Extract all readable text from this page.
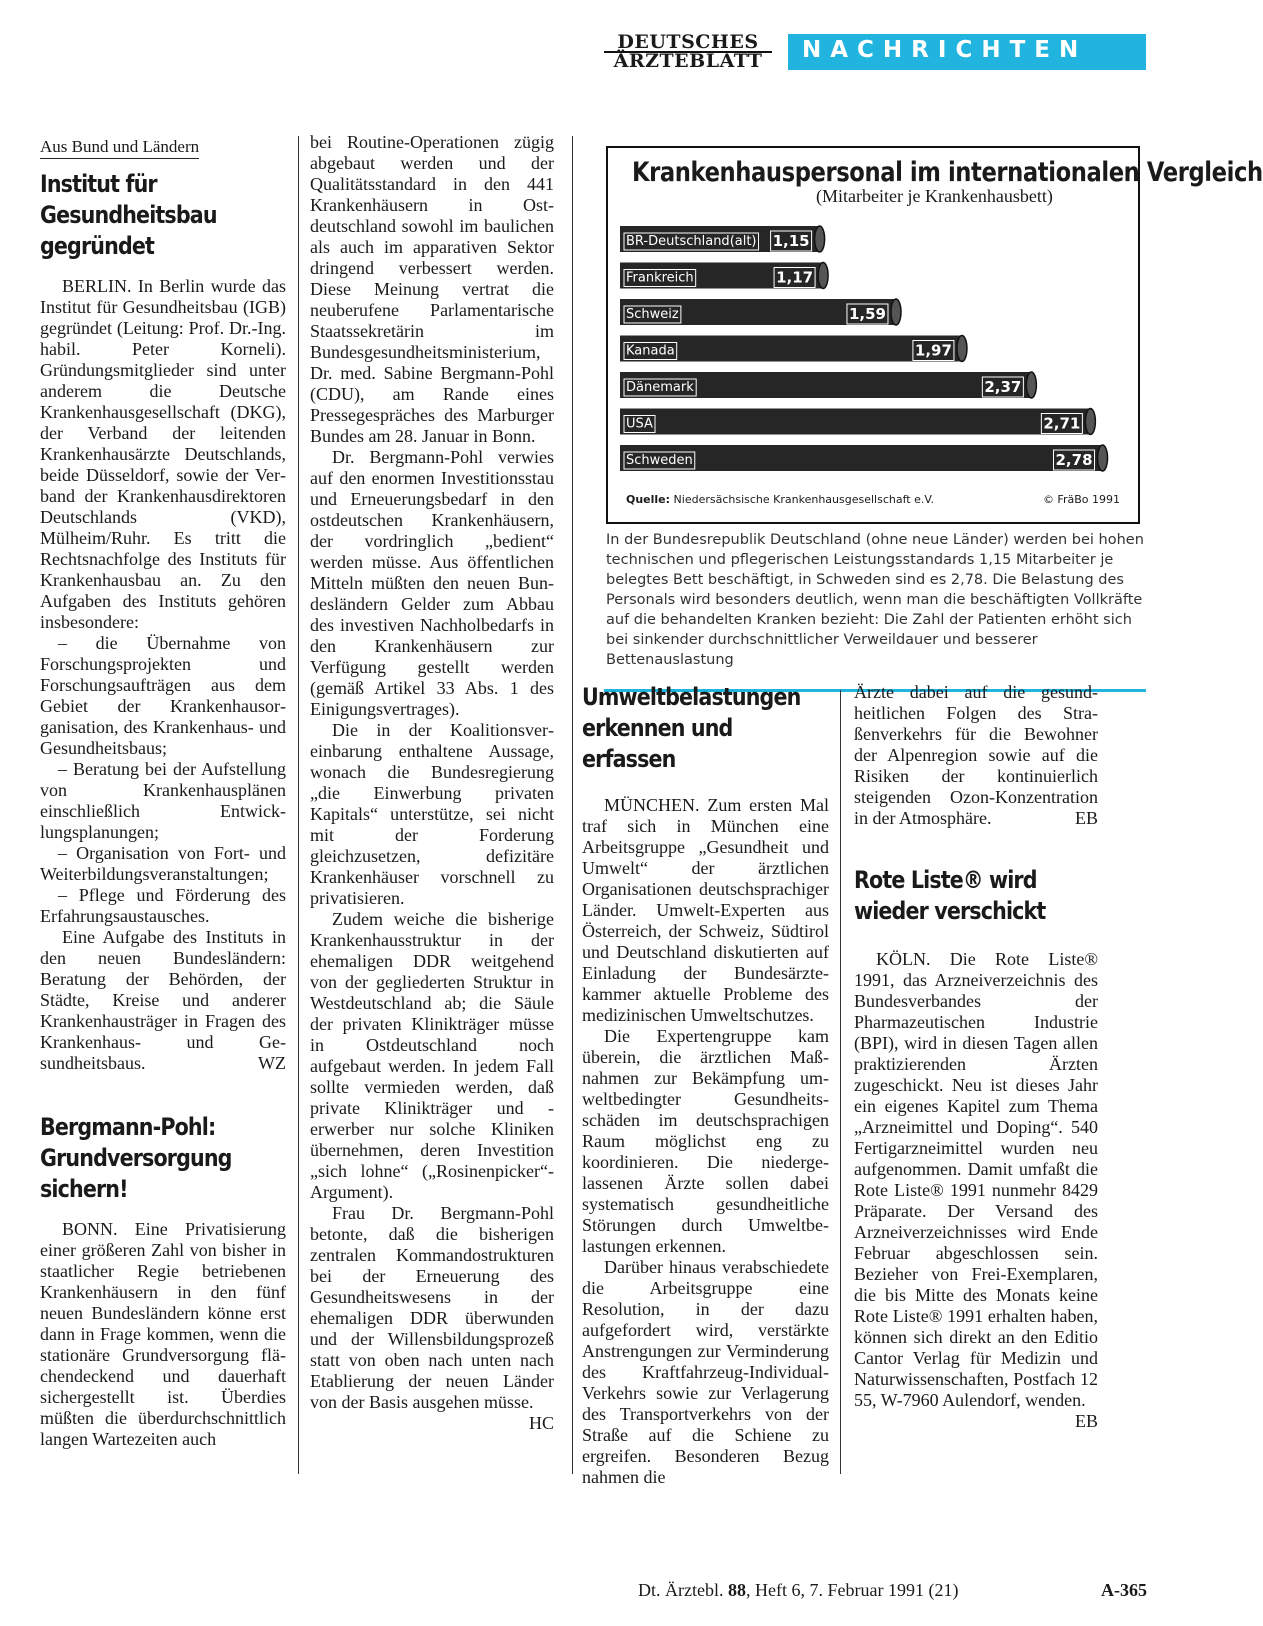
DEUTSCHES
ÄRZTEBLATT	NACHRICHTEN
Aus Bund und Ländern
Institut für Gesundheitsbau gegründet

BERLIN. In Berlin wurde das Institut für Gesundheitsbau (IGB) gegründet (Leitung: Prof. Dr.-Ing. habil. Peter Korneli). Gründungsmitglieder sind unter anderem die Deutsche Krankenhausgesellschaft (DKG), der Verband der leitenden Krankenhausärzte Deutschlands, beide Düsseldorf, sowie der Verband der Krankenhausdirektoren Deutschlands (VKD), Mülheim/Ruhr. Es tritt die Rechtsnachfolge des Instituts für Krankenhausbau an. Zu den Aufgaben des Instituts gehören insbesondere:

– die Übernahme von Forschungsprojekten und Forschungsaufträgen aus dem Gebiet der Krankenhausorganisation, des Krankenhaus- und Gesundheitsbaus;

– Beratung bei der Aufstellung von Krankenhausplänen einschließlich Entwicklungsplanungen;

– Organisation von Fort- und Weiterbildungsveranstaltungen;

– Pflege und Förderung des Erfahrungsaustausches.

Eine Aufgabe des Instituts in den neuen Bundesländern: Beratung der Behörden, der Städte, Kreise und anderer Krankenhausträger in Fragen des Krankenhaus- und Gesundheitsbaus.	WZ

Bergmann-Pohl: Grundversorgung sichern!

BONN. Eine Privatisierung einer größeren Zahl von bisher in staatlicher Regie betriebenen Krankenhäusern in den fünf neuen Bundesländern könne erst dann in Frage kommen, wenn die stationäre Grundversorgung flächendeckend und dauerhaft sichergestellt ist. Überdies müßten die überdurchschnittlich langen Wartezeiten auch

bei Routine-Operationen zügig abgebaut werden und der Qualitätsstandard in den 441 Krankenhäusern in Ostdeutschland sowohl im baulichen als auch im apparativen Sektor dringend verbessert werden. Diese Meinung vertrat die neuberufene Parlamentarische Staatssekretärin im Bundesgesundheitsministerium, Dr. med. Sabine Bergmann-Pohl (CDU), am Rande eines Pressegespräches des Marburger Bundes am 28. Januar in Bonn.

Dr. Bergmann-Pohl verwies auf den enormen Investitionsstau und Erneuerungsbedarf in den ostdeutschen Krankenhäusern, der vordringlich „bedient“ werden müsse. Aus öffentlichen Mitteln müßten den neuen Bundesländern Gelder zum Abbau des investiven Nachholbedarfs in den Krankenhäusern zur Verfügung gestellt werden (gemäß Artikel 33 Abs. 1 des Einigungsvertrages).

Die in der Koalitionsvereinbarung enthaltene Aussage, wonach die Bundesregierung „die Einwerbung privaten Kapitals“ unterstütze, sei nicht mit der Forderung gleichzusetzen, defizitäre Krankenhäuser vorschnell zu privatisieren.

Zudem weiche die bisherige Krankenhausstruktur in der ehemaligen DDR weitgehend von der gegliederten Struktur in Westdeutschland ab; die Säule der privaten Klinikträger müsse in Ostdeutschland noch aufgebaut werden. In jedem Fall sollte vermieden werden, daß private Klinikträger und -erwerber nur solche Kliniken übernehmen, deren Investition „sich lohne“ („Rosinenpicker“-Argument).

Frau Dr. Bergmann-Pohl betonte, daß die bisherigen zentralen Kommandostrukturen bei der Erneuerung des Gesundheitswesens in der ehemaligen DDR überwunden und der Willensbildungsprozeß statt von oben nach unten nach Etablierung der neuen Länder von der Basis ausgehen müsse.
HC

Krankenhauspersonal im internationalen Vergleich
(Mitarbeiter je Krankenhausbett)
BR-Deutschland(alt) 1,15
Frankreich	1,17
Schweiz	1,59
Kanada	1,97
Dänemark	2,37
USA	2,71
Schweden	2,78
Quelle: Niedersächsische Krankenhausgesellschaft e.V.	© FräBo 1991
In der Bundesrepublik Deutschland (ohne neue Länder) werden bei hohen technischen und pflegerischen Leistungsstandards 1,15 Mitarbeiter je belegtes Bett beschäftigt, in Schweden sind es 2,78. Die Belastung des Personals wird besonders deutlich, wenn man die beschäftigten Vollkräfte auf die behandelten Kranken bezieht: Die Zahl der Patienten erhöht sich bei sinkender durchschnittlicher Verweildauer und besserer Bettenauslastung
Umweltbelastungen erkennen und erfassen

MÜNCHEN. Zum ersten Mal traf sich in München eine Arbeitsgruppe „Gesundheit und Umwelt“ der ärztlichen Organisationen deutschsprachiger Länder. Umwelt-Experten aus Österreich, der Schweiz, Südtirol und Deutschland diskutierten auf Einladung der Bundesärztekammer aktuelle Probleme des medizinischen Umweltschutzes.

Die Expertengruppe kam überein, die ärztlichen Maßnahmen zur Bekämpfung umweltbedingter Gesundheitsschäden im deutschsprachigen Raum möglichst eng zu koordinieren. Die niedergelassenen Ärzte sollen dabei systematisch gesundheitliche Störungen durch Umweltbelastungen erkennen.

Darüber hinaus verabschiedete die Arbeitsgruppe eine Resolution, in der dazu aufgefordert wird, verstärkte Anstrengungen zur Verminderung des Kraftfahrzeug-Individual-Verkehrs sowie zur Verlagerung des Transportverkehrs von der Straße auf die Schiene zu ergreifen. Besonderen Bezug nahmen die

Ärzte dabei auf die gesundheitlichen Folgen des Straßenverkehrs für die Bewohner der Alpenregion sowie auf die Risiken der kontinuierlich steigenden Ozon-Konzentration in der Atmosphäre.	EB

Rote Liste® wird wieder verschickt

KÖLN. Die Rote Liste® 1991, das Arzneiverzeichnis des Bundesverbandes der Pharmazeutischen Industrie (BPI), wird in diesen Tagen allen praktizierenden Ärzten zugeschickt. Neu ist dieses Jahr ein eigenes Kapitel zum Thema „Arzneimittel und Doping“. 540 Fertigarzneimittel wurden neu aufgenommen. Damit umfaßt die Rote Liste® 1991 nunmehr 8429 Präparate. Der Versand des Arzneiverzeichnisses wird Ende Februar abgeschlossen sein. Bezieher von Frei-Exemplaren, die bis Mitte des Monats keine Rote Liste® 1991 erhalten haben, können sich direkt an den Editio Cantor Verlag für Medizin und Naturwissenschaften, Postfach 12 55, W-7960 Aulendorf, wenden.
EB

Dt. Ärztebl. 88, Heft 6, 7. Februar 1991 (21)	A-365
